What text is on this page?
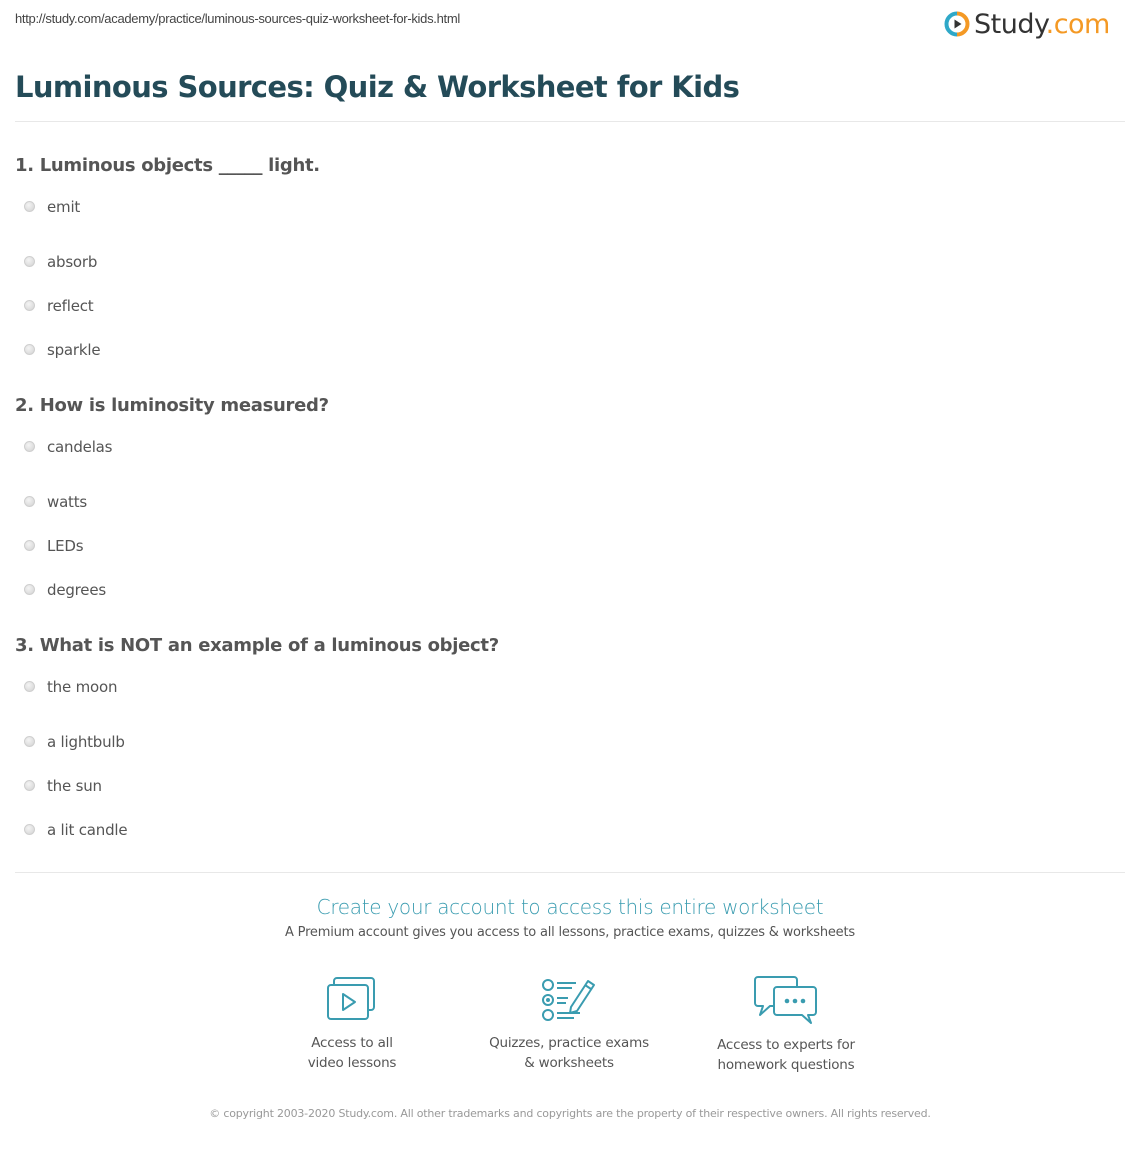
http://study.com/academy/practice/luminous-sources-quiz-worksheet-for-kids.html	Study.com
Luminous Sources: Quiz & Worksheet for Kids
1. Luminous objects _____ light.
emit
absorb
reflect
sparkle
2. How is luminosity measured?
candelas
watts
LEDs
degrees
3. What is NOT an example of a luminous object?
the moon
a lightbulb
the sun
a lit candle
Create your account to access this entire worksheet
A Premium account gives you access to all lessons, practice exams, quizzes & worksheets
Access to all
video lessons
Quizzes, practice exams
& worksheets
Access to experts for
homework questions
© copyright 2003-2020 Study.com. All other trademarks and copyrights are the property of their respective owners. All rights reserved.
